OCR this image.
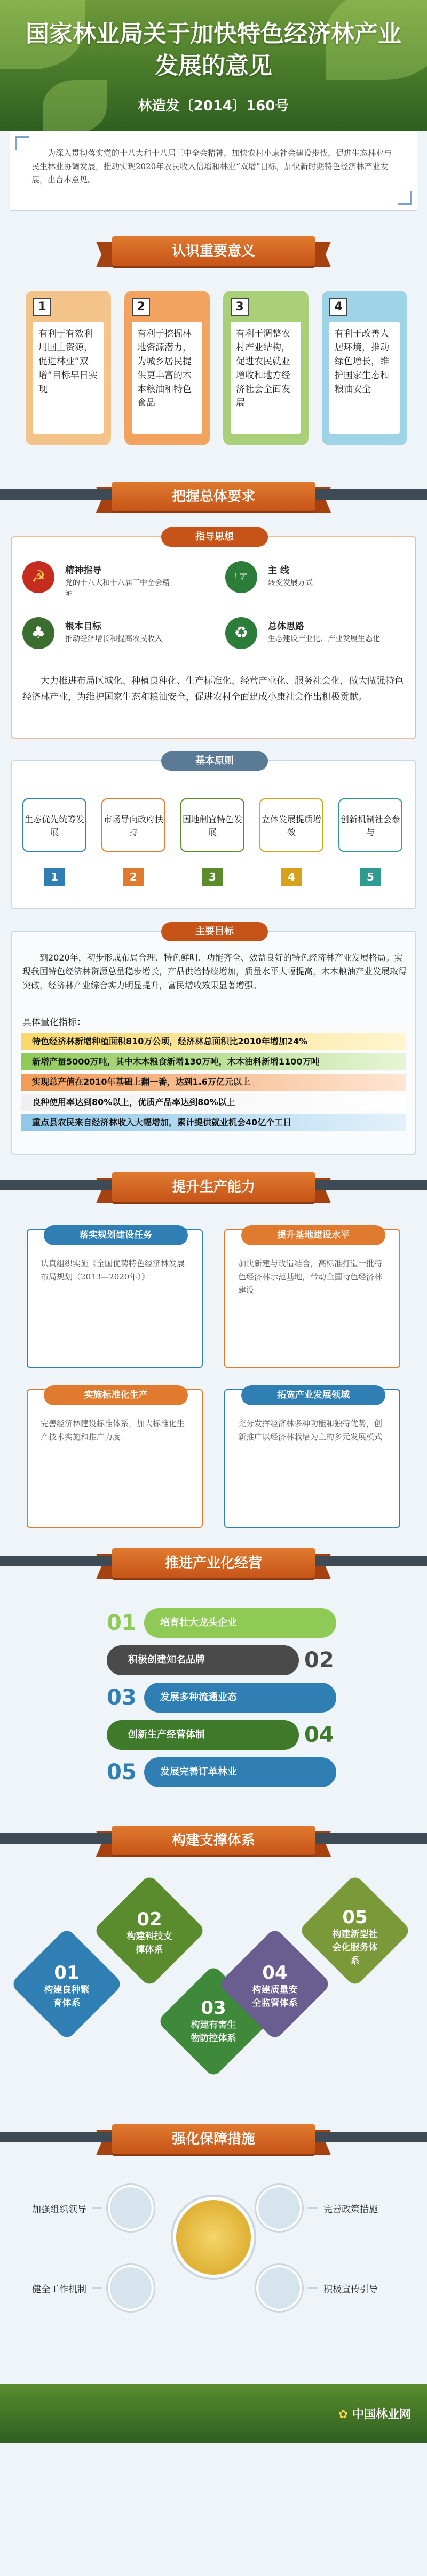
国家林业局关于加快特色经济林产业
发展的意见
林造发〔2014〕160号

为深入贯彻落实党的十八大和十八届三中全会精神，加快农村小康社会建设步伐，促进生态林业与民生林业协调发展，推动实现2020年农民收入倍增和林业“双增”目标，加快新时期特色经济林产业发展，出台本意见。

认识重要意义
1
有利于有效利用国土资源，促进林业“双增”目标早日实现
2
有利于挖掘林地资源潜力，为城乡居民提供更丰富的木本粮油和特色食品
3
有利于调整农村产业结构，促进农民就业增收和地方经济社会全面发展
4
有利于改善人居环境，推动绿色增长，维护国家生态和粮油安全
把握总体要求
指导思想
☭	精神指导
党的十八大和十八届三中全会精神
☞	主 线
转变发展方式
♣	根本目标
推动经济增长和提高农民收入	♻	总体思路
生态建设产业化、产业发展生态化
大力推进布局区域化、种植良种化、生产标准化、经营产业化、服务社会化，做大做强特色经济林产业，为维护国家生态和粮油安全，促进农村全面建成小康社会作出积极贡献。
基本原则
生态优先统筹发展
1
市场导向政府扶持
2
因地制宜特色发展
3
立体发展提质增效
4
创新机制社会参与
5
主要目标
到2020年，初步形成布局合理、特色鲜明、功能齐全、效益良好的特色经济林产业发展格局。实现我国特色经济林资源总量稳步增长，产品供给持续增加，质量水平大幅提高，木本粮油产业发展取得突破，经济林产业综合实力明显提升，富民增收效果显著增强。
具体量化指标：
特色经济林新增种植面积810万公顷，经济林总面积比2010年增加24%
新增产量5000万吨，其中木本粮食新增130万吨，木本油料新增1100万吨
实现总产值在2010年基础上翻一番，达到1.6万亿元以上
良种使用率达到80%以上，优质产品率达到80%以上
重点县农民来自经济林收入大幅增加，累计提供就业机会40亿个工日
提升生产能力
落实规划建设任务
认真组织实施《全国优势特色经济林发展布局规划（2013—2020年）》
提升基地建设水平
加快新建与改造结合，高标准打造一批特色经济林示范基地，带动全国特色经济林建设
实施标准化生产
完善经济林建设标准体系，加大标准化生产技术实施和推广力度
拓宽产业发展领域
充分发挥经济林多种功能和独特优势，创新推广以经济林栽培为主的多元发展模式
推进产业化经营
01	培育壮大龙头企业
积极创建知名品牌	02
03	发展多种流通业态
创新生产经营体制	04
05	发展完善订单林业
构建支撑体系
01
构建良种繁育体系
02
构建科技支撑体系
03
构建有害生物防控体系
04
构建质量安全监管体系
05
构建新型社会化服务体系
强化保障措施
加强组织领导	完善政策措施
健全工作机制	积极宣传引导
✿ 中国林业网
